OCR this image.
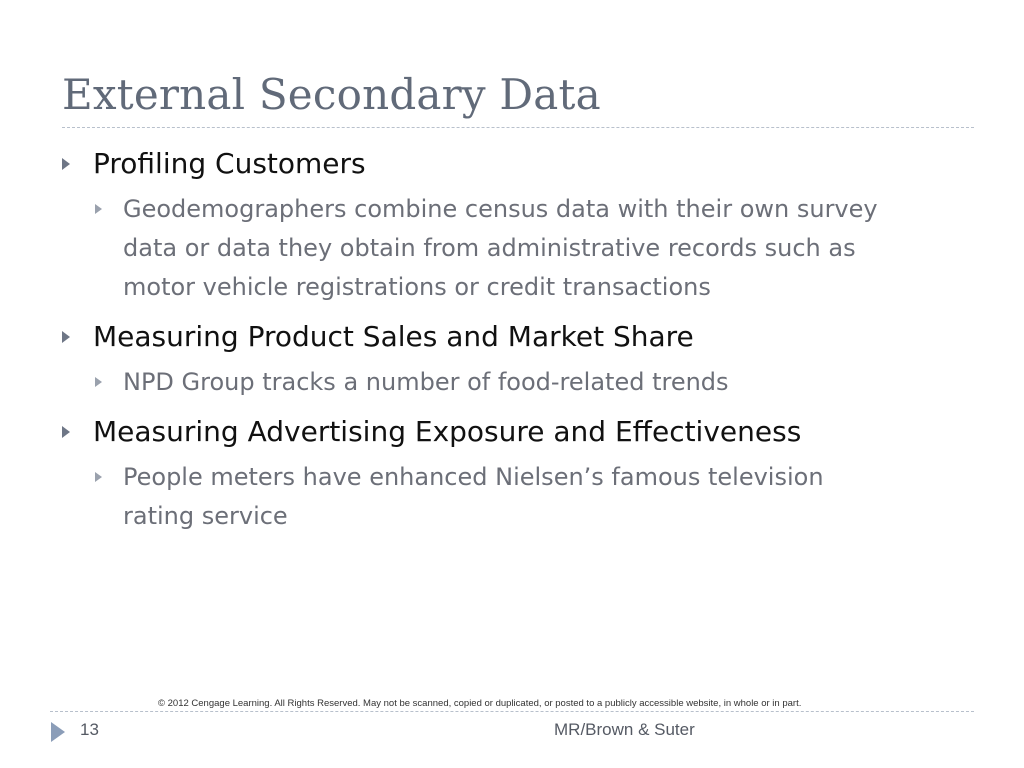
External Secondary Data
Profiling Customers
Geodemographers combine census data with their own survey
data or data they obtain from administrative records such as
motor vehicle registrations or credit transactions
Measuring Product Sales and Market Share
NPD Group tracks a number of food-related trends
Measuring Advertising Exposure and Effectiveness
People meters have enhanced Nielsen’s famous television
rating service
© 2012 Cengage Learning. All Rights Reserved. May not be scanned, copied or duplicated, or posted to a publicly accessible website, in whole or in part.
13	MR/Brown & Suter
